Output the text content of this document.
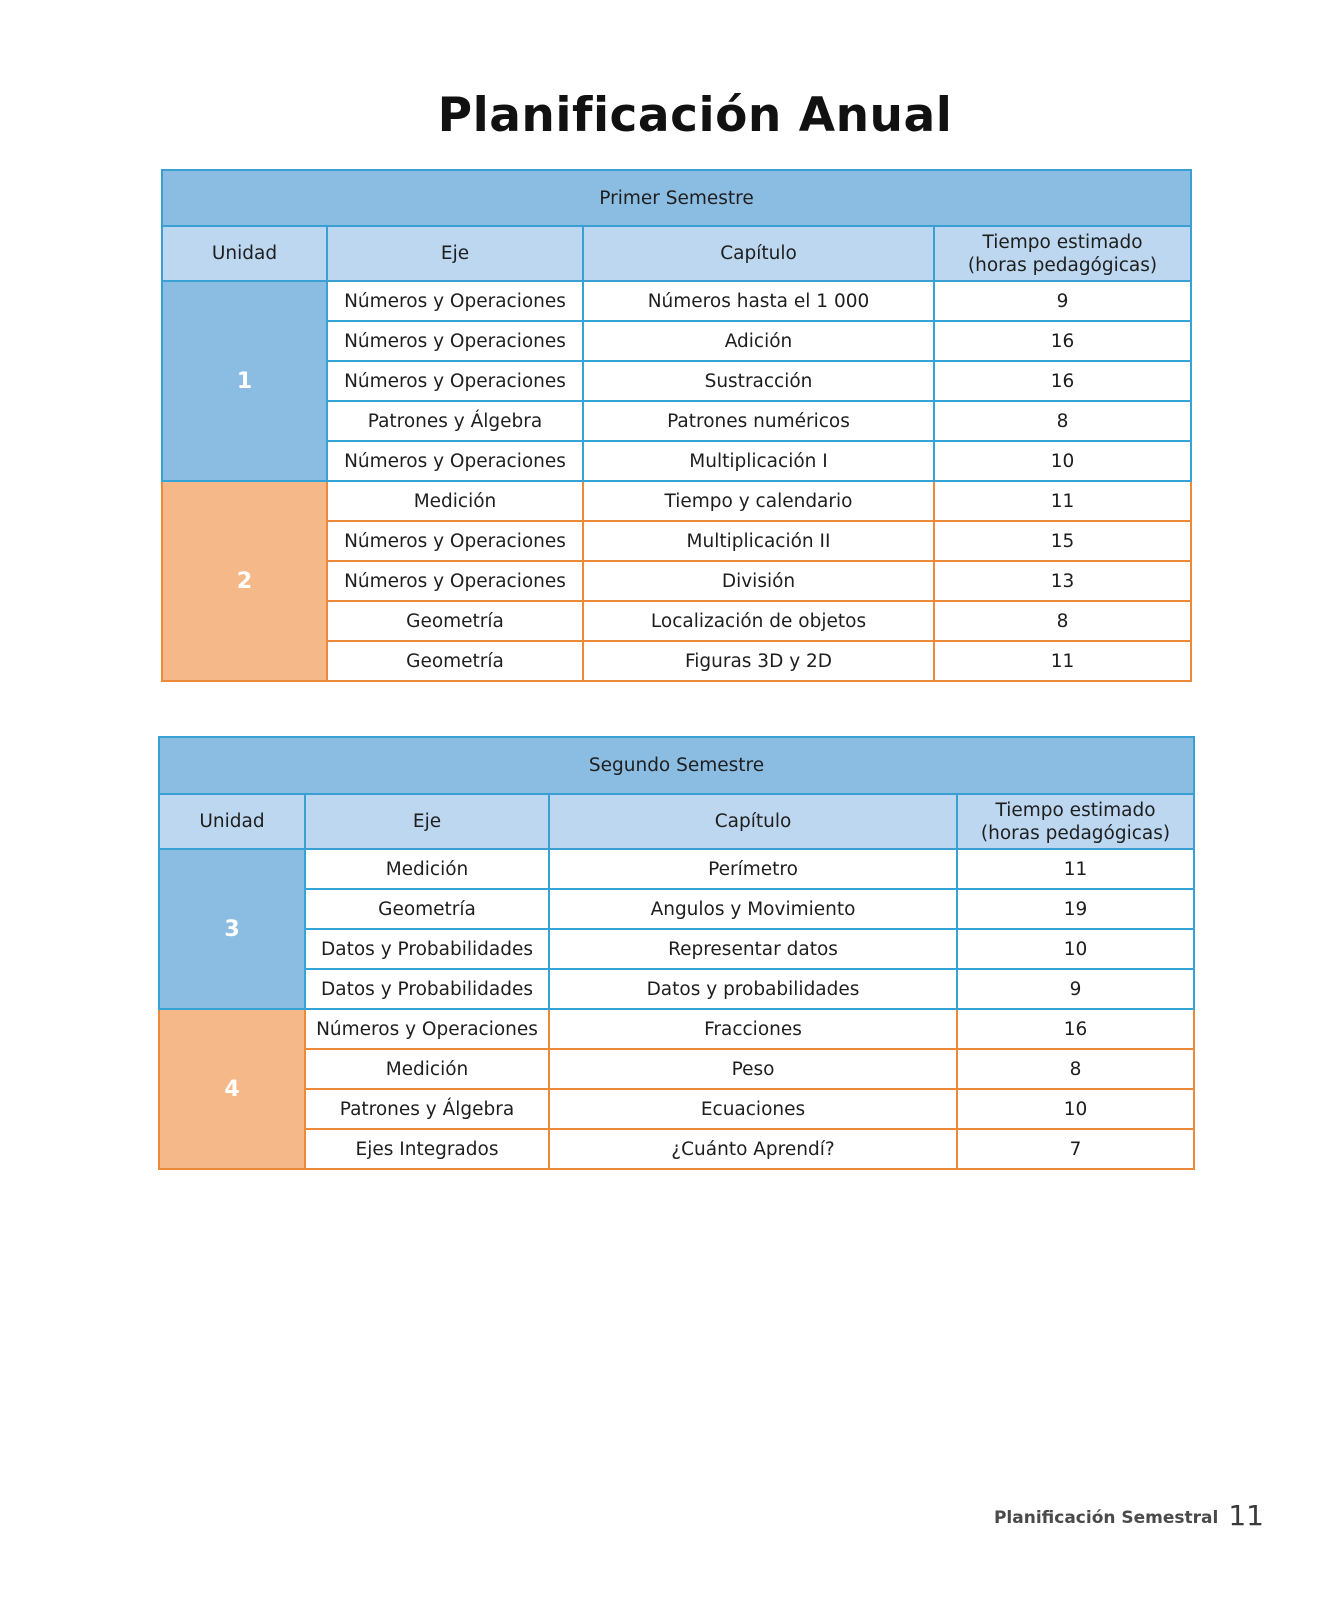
Planificación Anual
Primer Semestre			
Unidad	Eje	Capítulo	Tiempo estimado
(horas pedagógicas)
1	Números y Operaciones	Números hasta el 1 000	9
	Números y Operaciones	Adición	16
	Números y Operaciones	Sustracción	16
	Patrones y Álgebra	Patrones numéricos	8
	Números y Operaciones	Multiplicación I	10
2	Medición	Tiempo y calendario	11
	Números y Operaciones	Multiplicación II	15
	Números y Operaciones	División	13
	Geometría	Localización de objetos	8
	Geometría	Figuras 3D y 2D	11
Segundo Semestre			
Unidad	Eje	Capítulo	Tiempo estimado
(horas pedagógicas)
3	Medición	Perímetro	11
	Geometría	Angulos y Movimiento	19
	Datos y Probabilidades	Representar datos	10
	Datos y Probabilidades	Datos y probabilidades	9
4	Números y Operaciones	Fracciones	16
	Medición	Peso	8
	Patrones y Álgebra	Ecuaciones	10
	Ejes Integrados	¿Cuánto Aprendí?	7
Planificación Semestral 11
